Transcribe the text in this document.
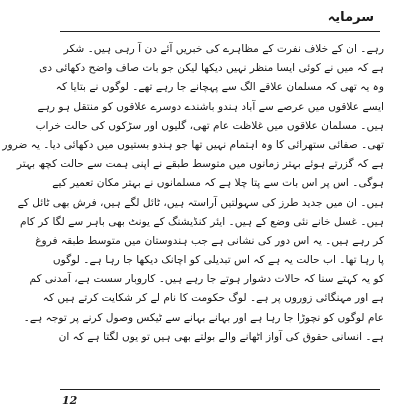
سرمایہ
رہے۔ ان کے خلاف نفرت کے مظاہرے کی خبریں آئے دن آ رہی ہیں۔ شکر
ہے کہ میں نے کوئی ایسا منظر نہیں دیکھا لیکن جو بات صاف واضح دکھائی دی
وہ یہ تھی کہ مسلمان علاقے الگ سے پہچانے جا رہے تھے۔ لوگوں نے بتایا کہ
ایسے علاقوں میں عرصے سے آباد ہندو باشندے دوسرے علاقوں کو منتقل ہو رہے
ہیں۔ مسلمان علاقوں میں غلاظت عام تھی، گلیوں اور سڑکوں کی حالت خراب
تھی۔ صفائی ستھرائی کا وہ اہتمام نہیں تھا جو ہندو بستیوں میں دکھائی دیا۔ یہ ضرور
ہے کہ گزرتے ہوئے بہتر زمانوں میں متوسط طبقے نے اپنی ہمت سے حالت کچھ بہتر
ہوگی۔ اس پر اس بات سے پتا چلا ہے کہ مسلمانوں نے بہتر مکان تعمیر کیے
ہیں۔ ان میں جدید طرز کی سہولتیں آراستہ ہیں، ٹائل لگے ہیں، فرش بھی ٹائل کے
ہیں۔ غسل خانے نئی وضع کے ہیں۔ ایئر کنڈیشنگ کے یونٹ بھی باہر سے لگا کر کام
کر رہے ہیں۔ یہ اس دور کی نشانی ہے جب ہندوستان میں متوسط طبقہ فروغ
پا رہا تھا۔ اب حالت یہ ہے کہ اس تبدیلی کو اچانک دیکھا جا رہا ہے۔ لوگوں
کو یہ کہتے سنا کہ حالات دشوار ہوتے جا رہے ہیں۔ کاروبار سست ہے، آمدنی کم
ہے اور مہنگائی زوروں پر ہے۔ لوگ حکومت کا نام لے کر شکایت کرتے ہیں کہ
عام لوگوں کو نچوڑا جا رہا ہے اور بہانے بہانے سے ٹیکس وصول کرنے پر توجہ ہے۔
ہے۔ انسانی حقوق کی آواز اٹھانے والے بولتے بھی ہیں تو یوں لگتا ہے کہ ان
12
